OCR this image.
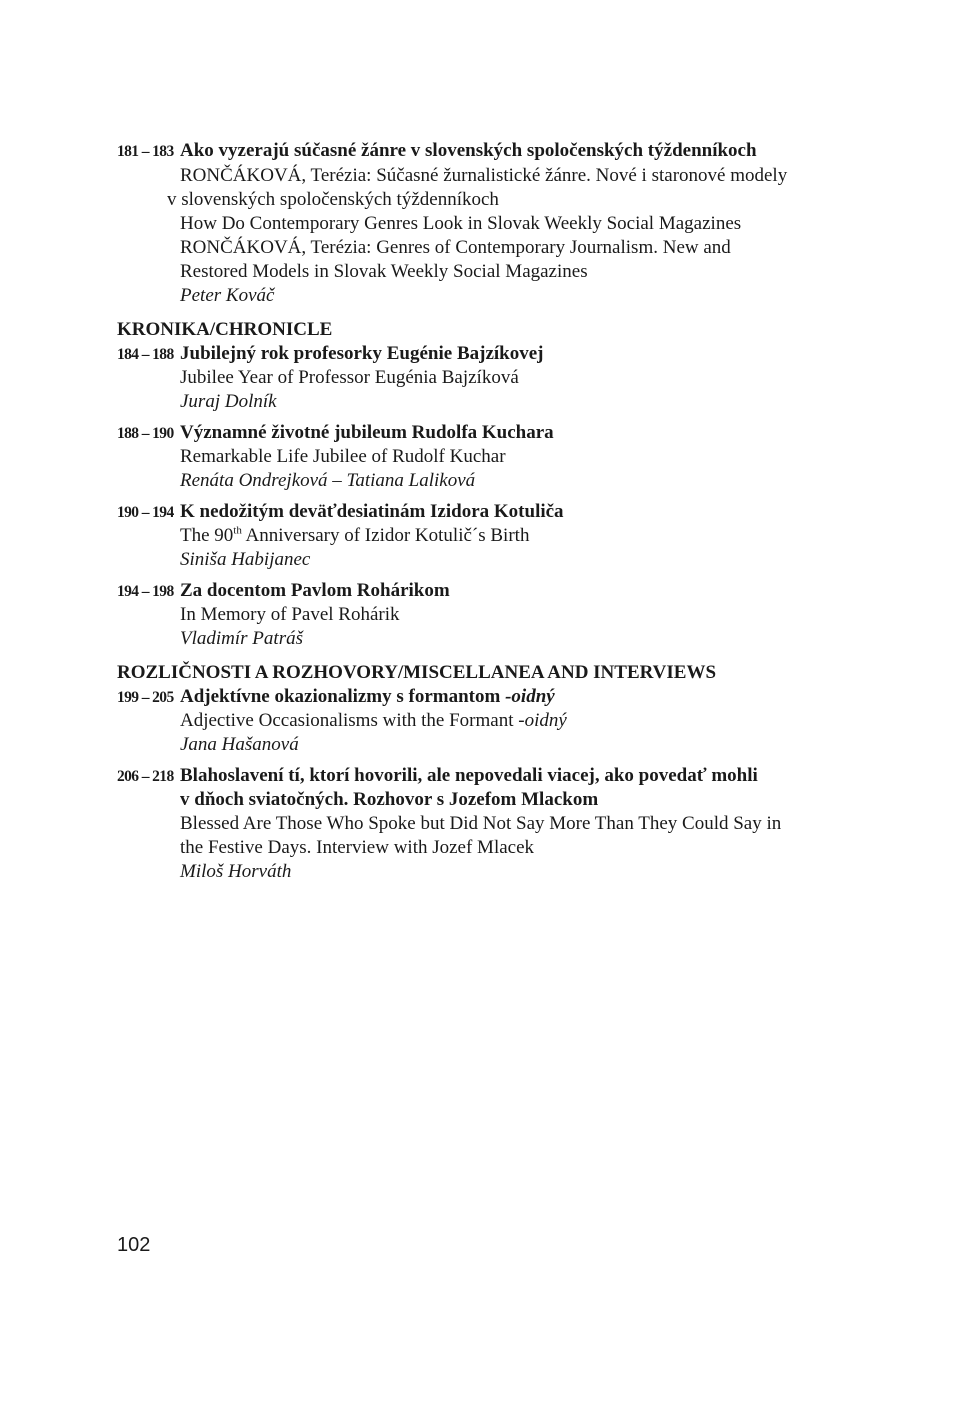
181 – 183 Ako vyzerajú súčasné žánre v slovenských spoločenských týždenníkoch
RONČÁKOVÁ, Terézia: Súčasné žurnalistické žánre. Nové i staronové modely
v slovenských spoločenských týždenníkoch
How Do Contemporary Genres Look in Slovak Weekly Social Magazines
RONČÁKOVÁ, Terézia: Genres of Contemporary Journalism. New and
Restored Models in Slovak Weekly Social Magazines
Peter Kováč
KRONIKA/CHRONICLE
184 – 188 Jubilejný rok profesorky Eugénie Bajzíkovej
Jubilee Year of Professor Eugénia Bajzíková
Juraj Dolník
188 – 190 Významné životné jubileum Rudolfa Kuchara
Remarkable Life Jubilee of Rudolf Kuchar
Renáta Ondrejková – Tatiana Laliková
190 – 194 K nedožitým deväťdesiatinám Izidora Kotuliča
The 90th Anniversary of Izidor Kotulič´s Birth
Siniša Habijanec
194 – 198 Za docentom Pavlom Rohárikom
In Memory of Pavel Rohárik
Vladimír Patráš
ROZLIČNOSTI A ROZHOVORY/MISCELLANEA AND INTERVIEWS
199 – 205 Adjektívne okazionalizmy s formantom -oidný
Adjective Occasionalisms with the Formant -oidný
Jana Hašanová
206 – 218 Blahoslavení tí, ktorí hovorili, ale nepovedali viacej, ako povedať mohli
v dňoch sviatočných. Rozhovor s Jozefom Mlackom
Blessed Are Those Who Spoke but Did Not Say More Than They Could Say in
the Festive Days. Interview with Jozef Mlacek
Miloš Horváth
102
